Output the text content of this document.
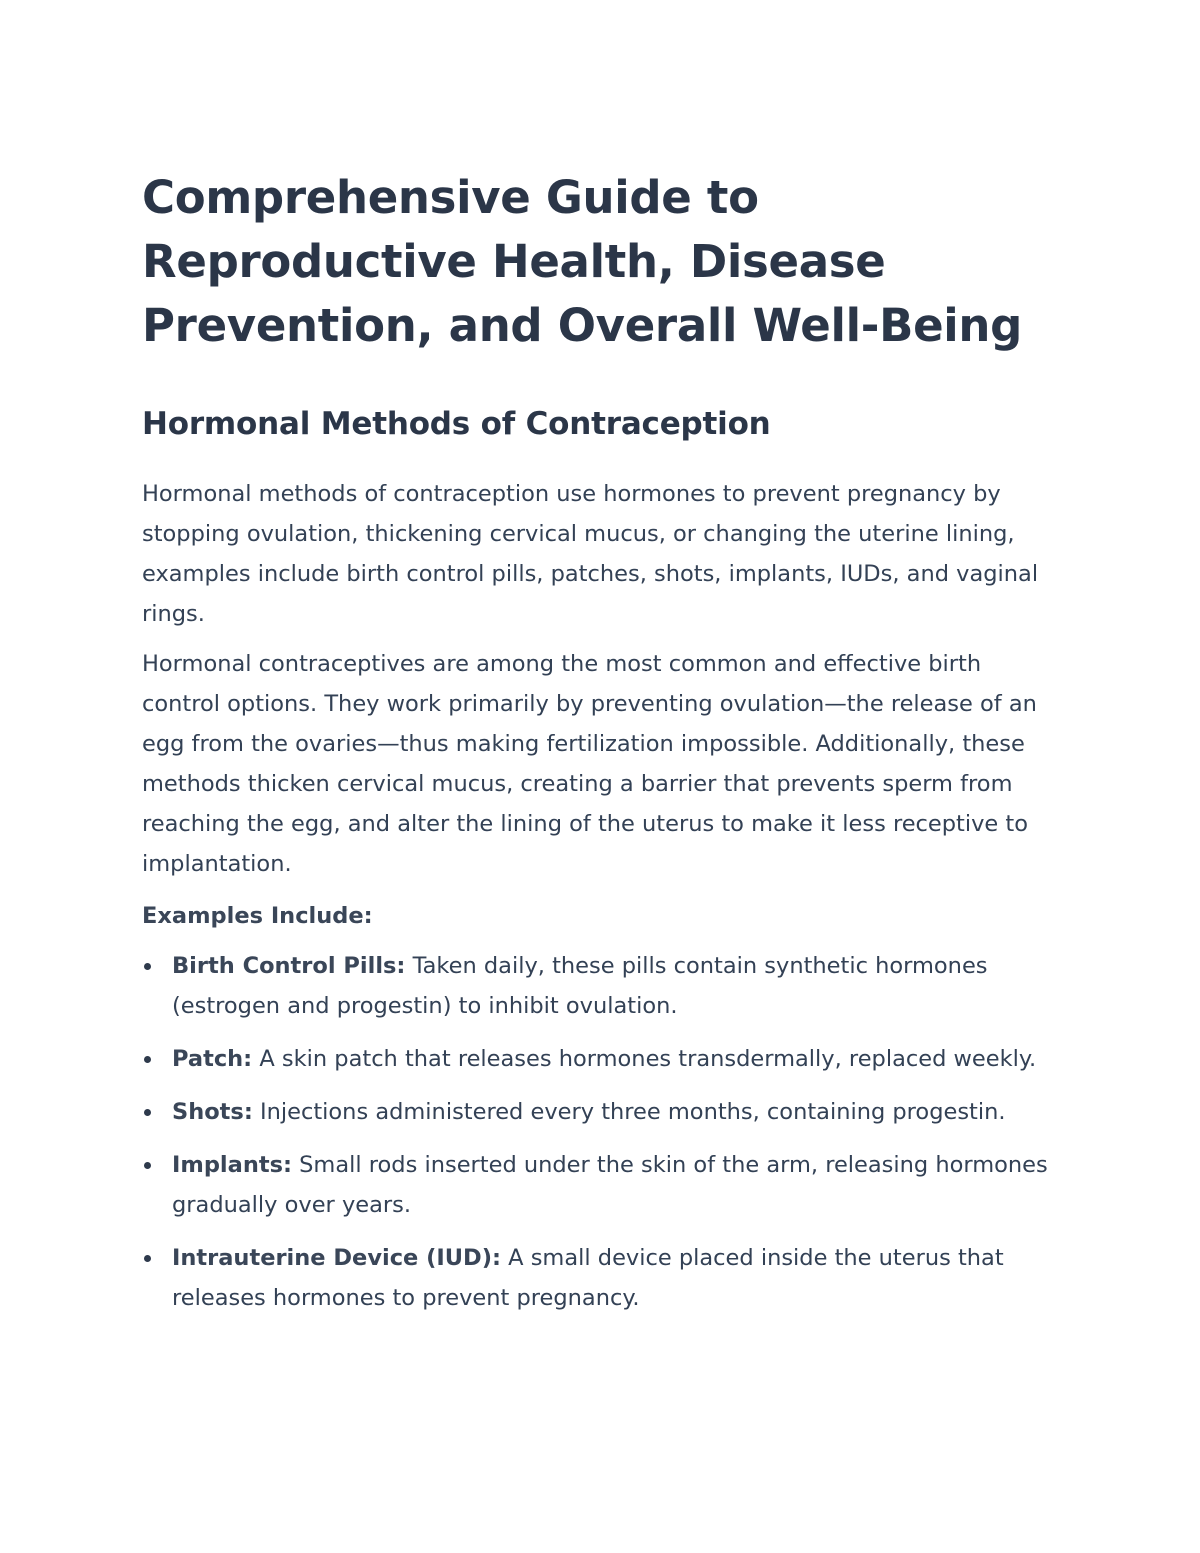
Comprehensive Guide to Reproductive Health, Disease Prevention, and Overall Well-Being
Hormonal Methods of Contraception

Hormonal methods of contraception use hormones to prevent pregnancy by stopping ovulation, thickening cervical mucus, or changing the uterine lining, examples include birth control pills, patches, shots, implants, IUDs, and vaginal rings.

Hormonal contraceptives are among the most common and effective birth control options. They work primarily by preventing ovulation—the release of an egg from the ovaries—thus making fertilization impossible. Additionally, these methods thicken cervical mucus, creating a barrier that prevents sperm from reaching the egg, and alter the lining of the uterus to make it less receptive to implantation.

Examples Include:
Birth Control Pills: Taken daily, these pills contain synthetic hormones (estrogen and progestin) to inhibit ovulation.
Patch: A skin patch that releases hormones transdermally, replaced weekly.
Shots: Injections administered every three months, containing progestin.
Implants: Small rods inserted under the skin of the arm, releasing hormones gradually over years.
Intrauterine Device (IUD): A small device placed inside the uterus that releases hormones to prevent pregnancy.
